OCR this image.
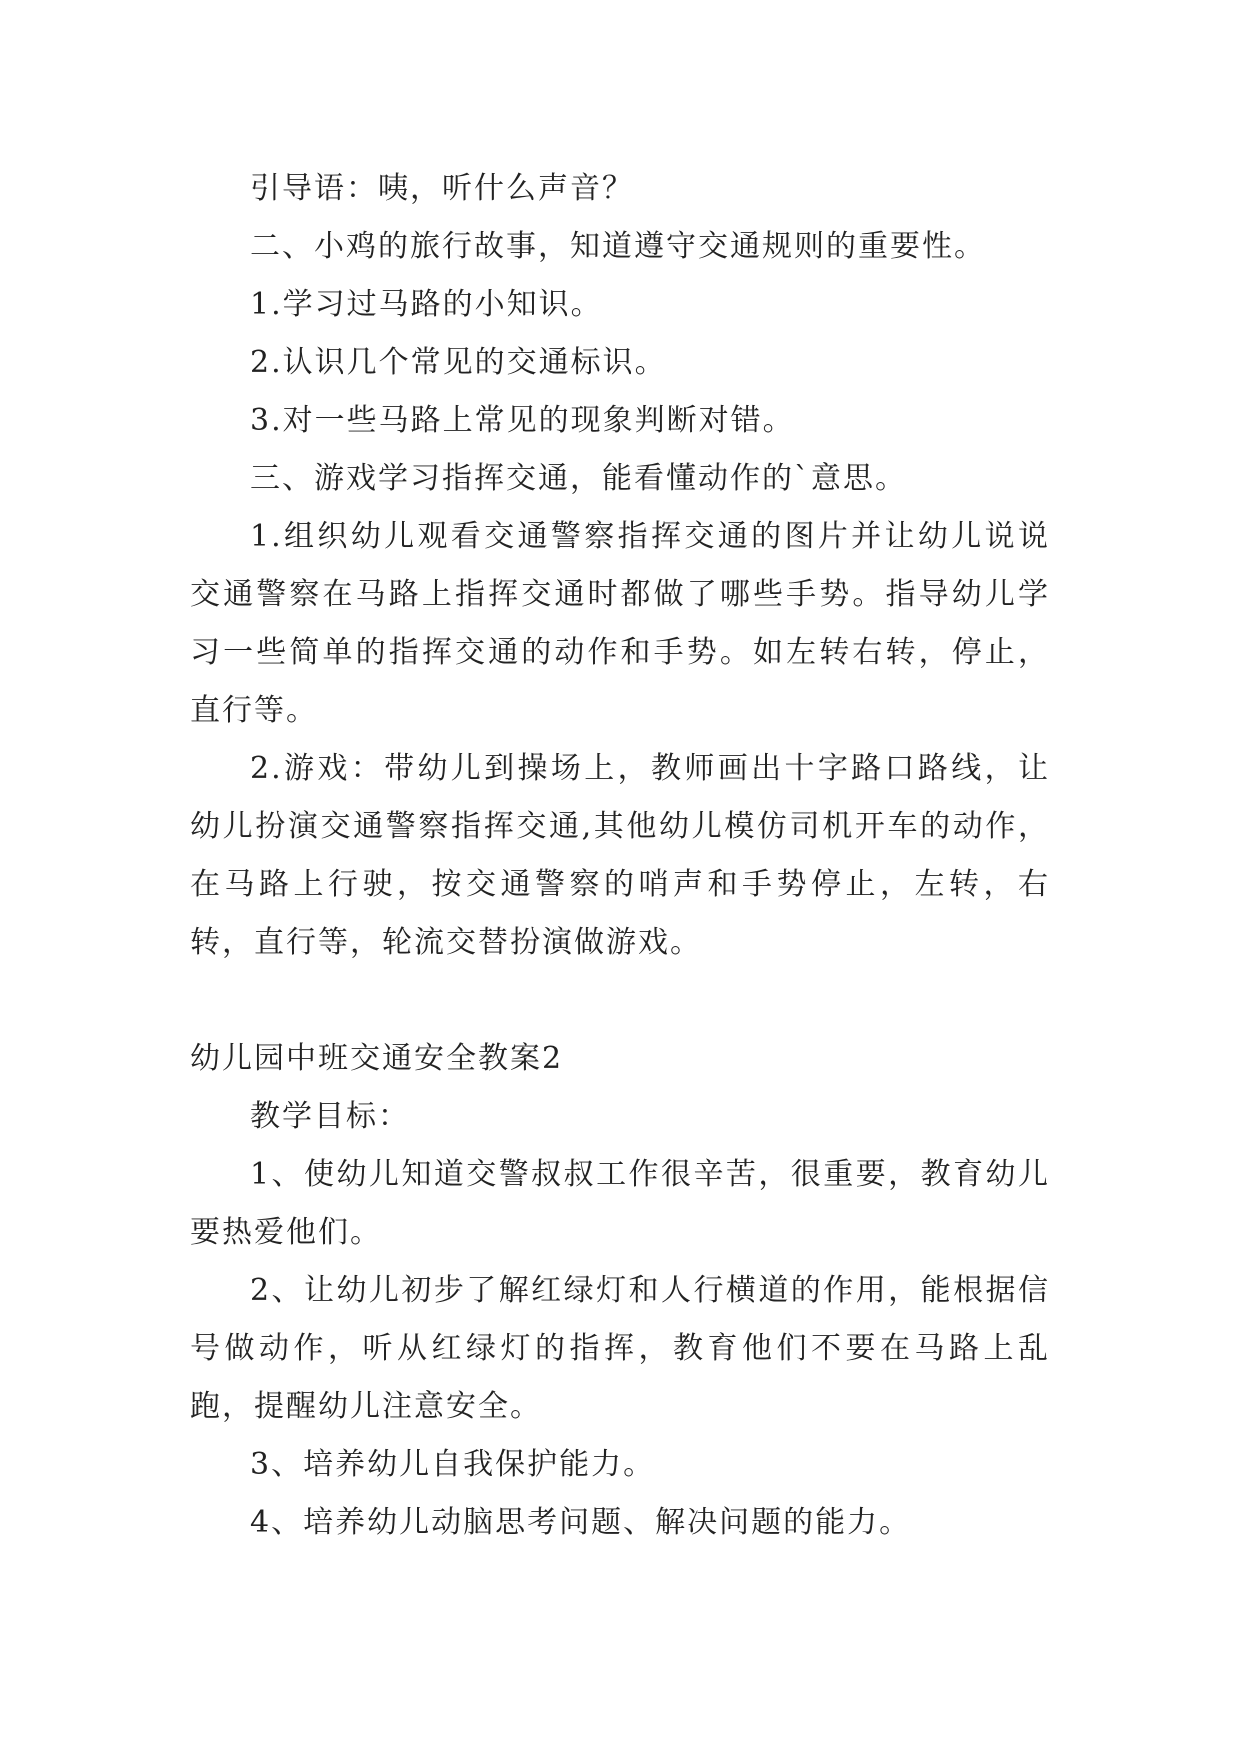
引导语：咦，听什么声音？

二、小鸡的旅行故事，知道遵守交通规则的重要性。

1.学习过马路的小知识。

2.认识几个常见的交通标识。

3.对一些马路上常见的现象判断对错。

三、游戏学习指挥交通，能看懂动作的`意思。

1.组织幼儿观看交通警察指挥交通的图片并让幼儿说说交通警察在马路上指挥交通时都做了哪些手势。指导幼儿学习一些简单的指挥交通的动作和手势。如左转右转，停止，直行等。

2.游戏：带幼儿到操场上，教师画出十字路口路线，让幼儿扮演交通警察指挥交通,其他幼儿模仿司机开车的动作，在马路上行驶，按交通警察的哨声和手势停止，左转，右转，直行等，轮流交替扮演做游戏。

幼儿园中班交通安全教案2

教学目标：

1、使幼儿知道交警叔叔工作很辛苦，很重要，教育幼儿要热爱他们。

2、让幼儿初步了解红绿灯和人行横道的作用，能根据信号做动作，听从红绿灯的指挥，教育他们不要在马路上乱跑，提醒幼儿注意安全。

3、培养幼儿自我保护能力。

4、培养幼儿动脑思考问题、解决问题的能力。
